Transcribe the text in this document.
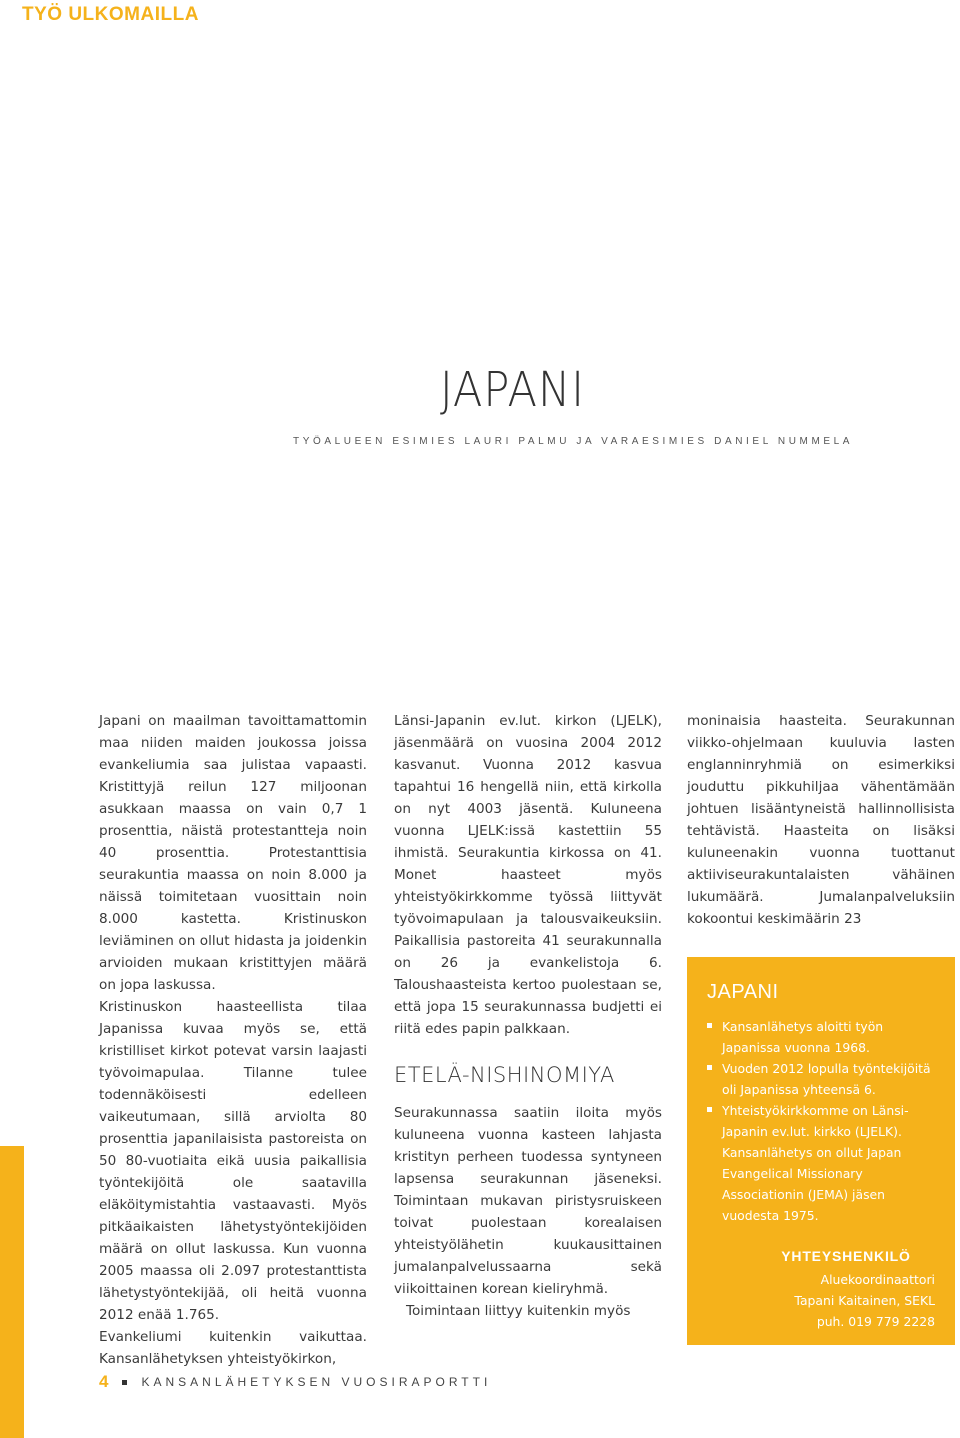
TYÖ ULKOMAILLA
JAPANI
TYÖALUEEN ESIMIES LAURI PALMU JA VARAESIMIES DANIEL NUMMELA

Japani on maailman tavoittamattomin maa niiden maiden joukossa joissa evankeliumia saa julistaa vapaasti. Kristittyjä reilun 127 miljoonan asukkaan maassa on vain 0,7 1 prosenttia, näistä protestantteja noin 40 prosenttia. Protestanttisia seurakuntia maassa on noin 8.000 ja näissä toimitetaan vuosittain noin 8.000 kastetta. Kristinuskon leviäminen on ollut hidasta ja joidenkin arvioiden mukaan kristittyjen määrä on jopa laskussa.

Kristinuskon haasteellista tilaa Japanissa kuvaa myös se, että kristilliset kirkot potevat varsin laajasti työvoimapulaa. Tilanne tulee todennäköisesti edelleen vaikeutumaan, sillä arviolta 80 prosenttia japanilaisista pastoreista on 50 80-vuotiaita eikä uusia paikallisia työntekijöitä ole saatavilla eläköitymistahtia vastaavasti. Myös pitkäaikaisten lähetystyöntekijöiden määrä on ollut laskussa. Kun vuonna 2005 maassa oli 2.097 protestanttista lähetystyöntekijää, oli heitä vuonna 2012 enää 1.765.

Evankeliumi kuitenkin vaikuttaa. Kansanlähetyksen yhteistyökirkon,

Länsi-Japanin ev.lut. kirkon (LJELK), jäsenmäärä on vuosina 2004 2012 kasvanut. Vuonna 2012 kasvua tapahtui 16 hengellä niin, että kirkolla on nyt 4003 jäsentä. Kuluneena vuonna LJELK:issä kastettiin 55 ihmistä. Seurakuntia kirkossa on 41. Monet haasteet myös yhteistyökirkkomme työssä liittyvät työvoimapulaan ja talousvaikeuksiin. Paikallisia pastoreita 41 seurakunnalla on 26 ja evankelistoja 6. Taloushaasteista kertoo puolestaan se, että jopa 15 seurakunnassa budjetti ei riitä edes papin palkkaan.

ETELÄ-NISHINOMIYA

Seurakunnassa saatiin iloita myös kuluneena vuonna kasteen lahjasta kristityn perheen tuodessa syntyneen lapsensa seurakunnan jäseneksi. Toimintaan mukavan piristysruiskeen toivat puolestaan korealaisen yhteistyölähetin kuukausittainen jumalanpalvelussaarna sekä viikoittainen korean kieliryhmä.

Toimintaan liittyy kuitenkin myös

moninaisia haasteita. Seurakunnan viikko-ohjelmaan kuuluvia lasten englanninryhmiä on esimerkiksi jouduttu pikkuhiljaa vähentämään johtuen lisääntyneistä hallinnollisista tehtävistä. Haasteita on lisäksi kuluneenakin vuonna tuottanut aktiiviseurakuntalaisten vähäinen lukumäärä. Jumalanpalveluksiin kokoontui keskimäärin 23

JAPANI
Kansanlähetys aloitti työn Japanissa vuonna 1968.
Vuoden 2012 lopulla työntekijöitä oli Japanissa yhteensä 6.
Yhteistyökirkkomme on Länsi-Japanin ev.lut. kirkko (LJELK). Kansanlähetys on ollut Japan Evangelical Missionary Associationin (JEMA) jäsen vuodesta 1975.
YHTEYSHENKILÖ
Aluekoordinaattori
Tapani Kaitainen, SEKL
puh. 019 779 2228
4	KANSANLÄHETYKSEN VUOSIRAPORTTI
